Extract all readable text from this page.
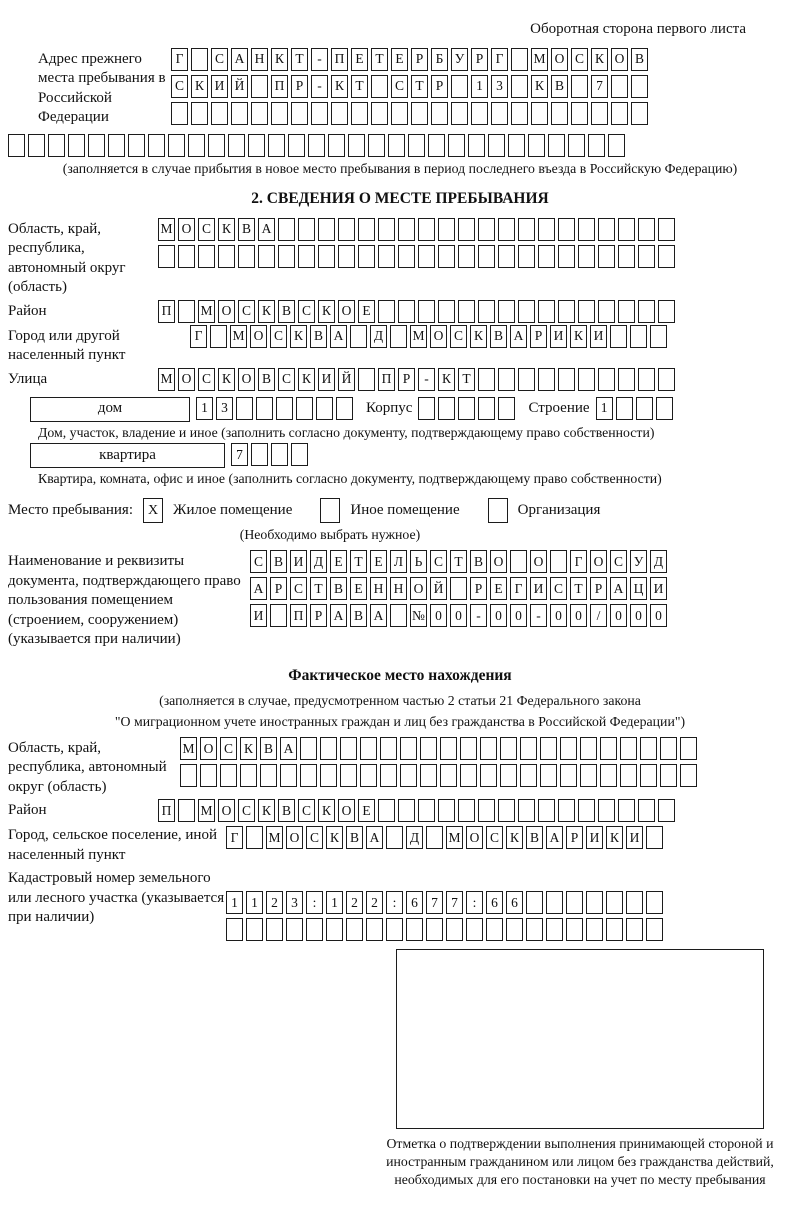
Оборотная сторона первого листа
Адрес прежнего места пребывания в Российской Федерации
Г	С А Н К Т	- П Е Т Е Р Б У Р Г	М О С К О В
С К И Й П Р	- К Т	С Т Р	1 3	К В	7
(заполняется в случае прибытия в новое место пребывания в период последнего въезда в Российскую Федерацию)
2. СВЕДЕНИЯ О МЕСТЕ ПРЕБЫВАНИЯ
Область, край, республика, автономный округ (область)
М О С К В А
Район	П М О С К В С К О Е
Город или другой населенный пункт
Г	М О С К В А Д М О С К В А Р И К И
Улица	М О С К О В С К И Й П Р	- К Т
дом	1 3	Корпус	Строение 1
Дом, участок, владение и иное (заполнить согласно документу, подтверждающему право собственности)
квартира	7
Квартира, комната, офис и иное (заполнить согласно документу, подтверждающему право собственности)
Место пребывания:	X Жилое помещение	Иное помещение	Организация
(Необходимо выбрать нужное)
Наименование и реквизиты документа, подтверждающего право пользования помещением (строением, сооружением) (указывается при наличии)
С В И Д Е Т Е Л Ь С Т В О О	Г О С У Д
А Р С Т В Е Н Н О Й	Р Е Г И С Т Р А Ц И
И П Р А В А № 0 0	-	0 0	-	0 0	/	0 0 0
Фактическое место нахождения
(заполняется в случае, предусмотренном частью 2 статьи 21 Федерального закона
"О миграционном учете иностранных граждан и лиц без гражданства в Российской Федерации")
Область, край, республика, автономный округ (область)
М О С К В А
Район	П М О С К В С К О Е
Город, сельское поселение, иной населенный пункт
Г	М О С К В А Д М О С К В А Р И К И
Кадастровый номер земельного или лесного участка (указывается при наличии)
1 1 2 3	:	1 2 2	:	6 7 7	:	6 6
Отметка о подтверждении выполнения принимающей стороной и иностранным гражданином или лицом без гражданства действий, необходимых для его постановки на учет по месту пребывания
